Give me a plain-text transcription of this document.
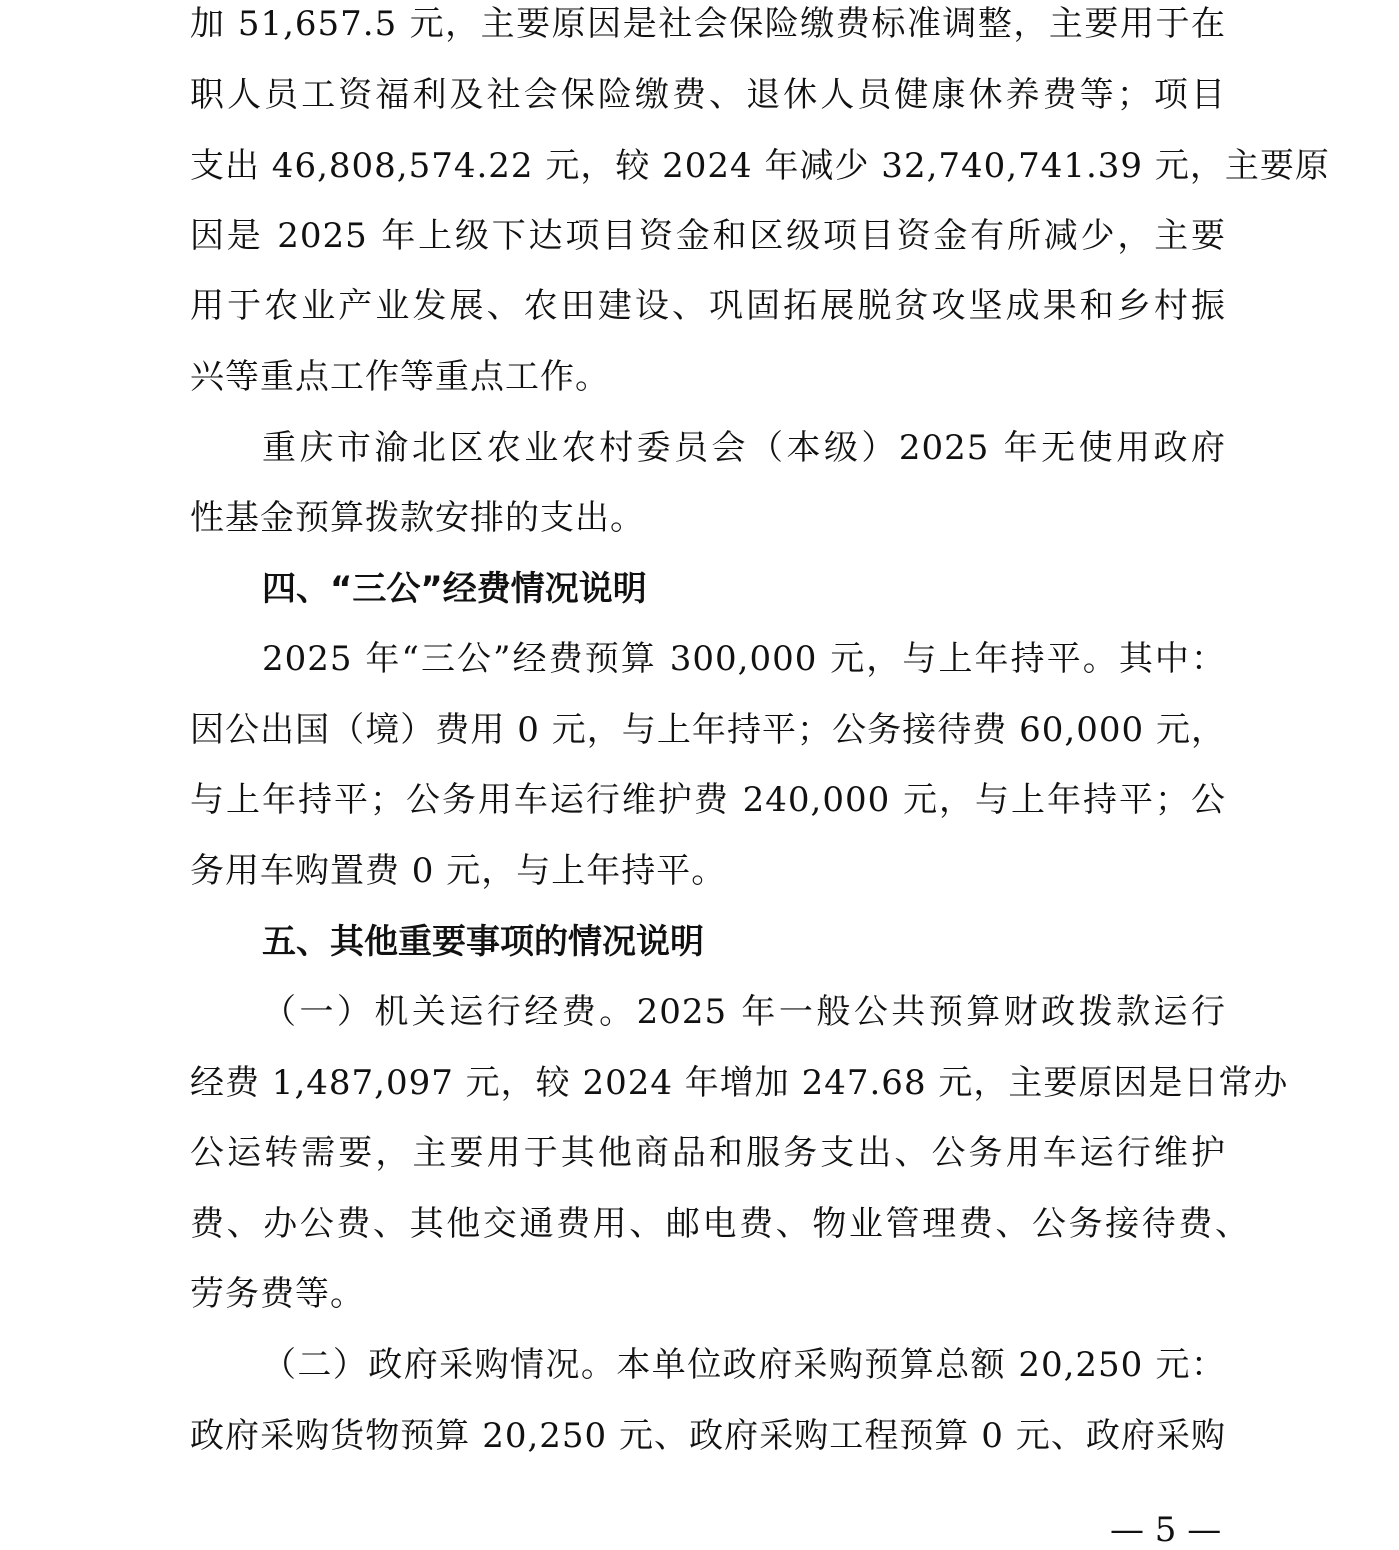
加 51,657.5 元，主要原因是社会保险缴费标准调整，主要用于在
职人员工资福利及社会保险缴费、退休人员健康休养费等；项目
支出 46,808,574.22 元，较 2024 年减少 32,740,741.39 元，主要原
因是 2025 年上级下达项目资金和区级项目资金有所减少，主要
用于农业产业发展、农田建设、巩固拓展脱贫攻坚成果和乡村振
兴等重点工作等重点工作。
重庆市渝北区农业农村委员会（本级）2025 年无使用政府
性基金预算拨款安排的支出。
四、“三公”经费情况说明
2025 年“三公”经费预算 300,000 元，与上年持平。其中：
因公出国（境）费用 0 元，与上年持平；公务接待费 60,000 元，
与上年持平；公务用车运行维护费 240,000 元，与上年持平；公
务用车购置费 0 元，与上年持平。
五、其他重要事项的情况说明
（一）机关运行经费。2025 年一般公共预算财政拨款运行
经费 1,487,097 元，较 2024 年增加 247.68 元，主要原因是日常办
公运转需要，主要用于其他商品和服务支出、公务用车运行维护
费、办公费、其他交通费用、邮电费、物业管理费、公务接待费、
劳务费等。
（二）政府采购情况。本单位政府采购预算总额 20,250 元：
政府采购货物预算 20,250 元、政府采购工程预算 0 元、政府采购
— 5 —
